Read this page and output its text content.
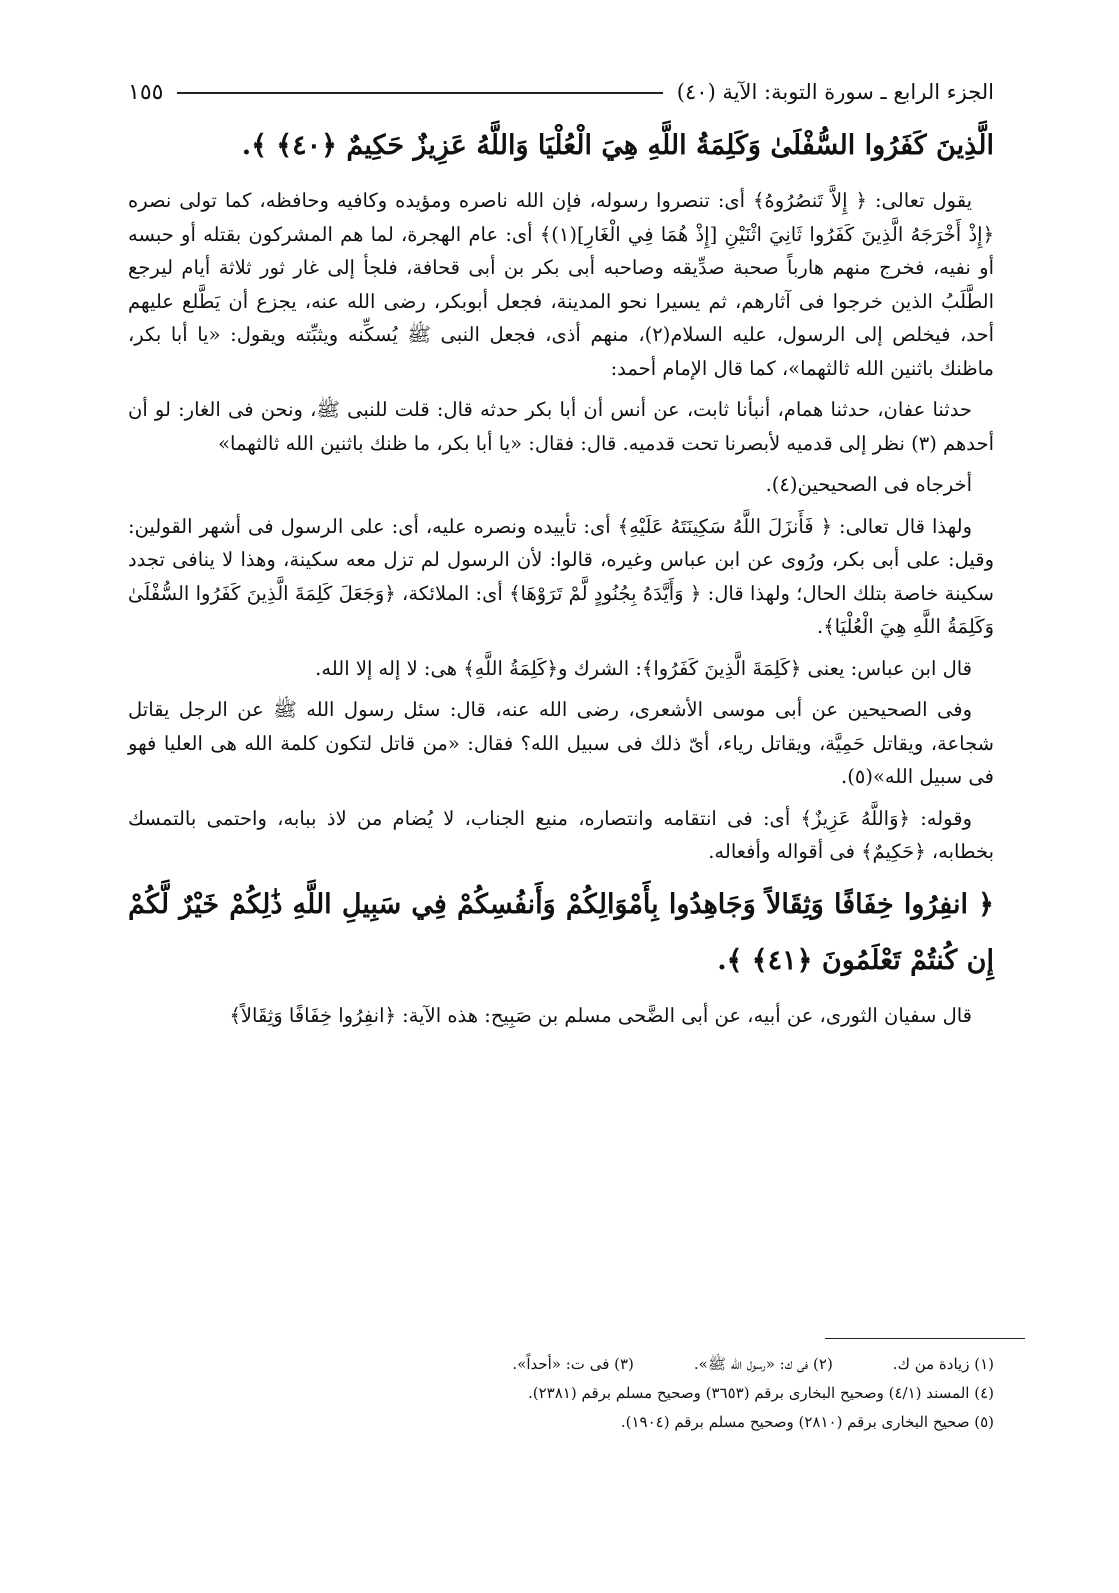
الجزء الرابع ـ سورة التوبة: الآية (٤٠)
١٥٥

الَّذِينَ كَفَرُوا السُّفْلَىٰ وَكَلِمَةُ اللَّهِ هِيَ الْعُلْيَا وَاللَّهُ عَزِيزٌ حَكِيمٌ ﴿٤٠﴾ ﴾.

يقول تعالى: ﴿ إِلاَّ تَنصُرُوهُ﴾ أى: تنصروا رسوله، فإن الله ناصره ومؤيده وكافيه وحافظه، كما تولى نصره ﴿إِذْ أَخْرَجَهُ الَّذِينَ كَفَرُوا ثَانِيَ اثْنَيْنِ [إِذْ هُمَا فِي الْغَارِ](١)﴾ أى: عام الهجرة، لما هم المشركون بقتله أو حبسه أو نفيه، فخرج منهم هارباً صحبة صدِّيقه وصاحبه أبى بكر بن أبى قحافة، فلجأ إلى غار ثور ثلاثة أيام ليرجع الطَّلَبُ الذين خرجوا فى آثارهم، ثم يسيرا نحو المدينة، فجعل أبوبكر، رضى الله عنه، يجزع أن يَطَّلع عليهم أحد، فيخلص إلى الرسول، عليه السلام(٢)، منهم أذى، فجعل النبى ﷺ يُسكِّنه ويثبِّته ويقول: «يا أبا بكر، ماظنك باثنين الله ثالثهما»، كما قال الإمام أحمد:

حدثنا عفان، حدثنا همام، أنبأنا ثابت، عن أنس أن أبا بكر حدثه قال: قلت للنبى ﷺ، ونحن فى الغار: لو أن أحدهم (٣) نظر إلى قدميه لأبصرنا تحت قدميه. قال: فقال: «يا أبا بكر، ما ظنك باثنين الله ثالثهما»

أخرجاه فى الصحيحين(٤).

ولهذا قال تعالى: ﴿ فَأَنزَلَ اللَّهُ سَكِينَتَهُ عَلَيْهِ﴾ أى: تأييده ونصره عليه، أى: على الرسول فى أشهر القولين: وقيل: على أبى بكر، ورُوى عن ابن عباس وغيره، قالوا: لأن الرسول لم تزل معه سكينة، وهذا لا ينافى تجدد سكينة خاصة بتلك الحال؛ ولهذا قال: ﴿ وَأَيَّدَهُ بِجُنُودٍ لَّمْ تَرَوْهَا﴾ أى: الملائكة، ﴿وَجَعَلَ كَلِمَةَ الَّذِينَ كَفَرُوا السُّفْلَىٰ وَكَلِمَةُ اللَّهِ هِيَ الْعُلْيَا﴾.

قال ابن عباس: يعنى ﴿كَلِمَةَ الَّذِينَ كَفَرُوا﴾: الشرك و﴿كَلِمَةُ اللَّهِ﴾ هى: لا إله إلا الله.

وفى الصحيحين عن أبى موسى الأشعرى، رضى الله عنه، قال: سئل رسول الله ﷺ عن الرجل يقاتل شجاعة، ويقاتل حَمِيَّة، ويقاتل رياء، أىّ ذلك فى سبيل الله؟ فقال: «من قاتل لتكون كلمة الله هى العليا فهو فى سبيل الله»(٥).

وقوله: ﴿وَاللَّهُ عَزِيزٌ﴾ أى: فى انتقامه وانتصاره، منيع الجناب، لا يُضام من لاذ ببابه، واحتمى بالتمسك بخطابه، ﴿حَكِيمٌ﴾ فى أقواله وأفعاله.

﴿ انفِرُوا خِفَافًا وَثِقَالاً وَجَاهِدُوا بِأَمْوَالِكُمْ وَأَنفُسِكُمْ فِي سَبِيلِ اللَّهِ ذَٰلِكُمْ خَيْرٌ لَّكُمْ إِن كُنتُمْ تَعْلَمُونَ ﴿٤١﴾ ﴾.

قال سفيان الثورى، عن أبيه، عن أبى الضَّحى مسلم بن صَبِيح: هذه الآية: ﴿انفِرُوا خِفَافًا وَثِقَالاً﴾

(١) زيادة من ك.
(٢) فى ك: «رسول الله ﷺ».
(٣) فى ت: «أحداً».
(٤) المسند (٤/١) وصحيح البخارى برقم (٣٦٥٣) وصحيح مسلم برقم (٢٣٨١).
(٥) صحيح البخارى برقم (٢٨١٠) وصحيح مسلم برقم (١٩٠٤).
